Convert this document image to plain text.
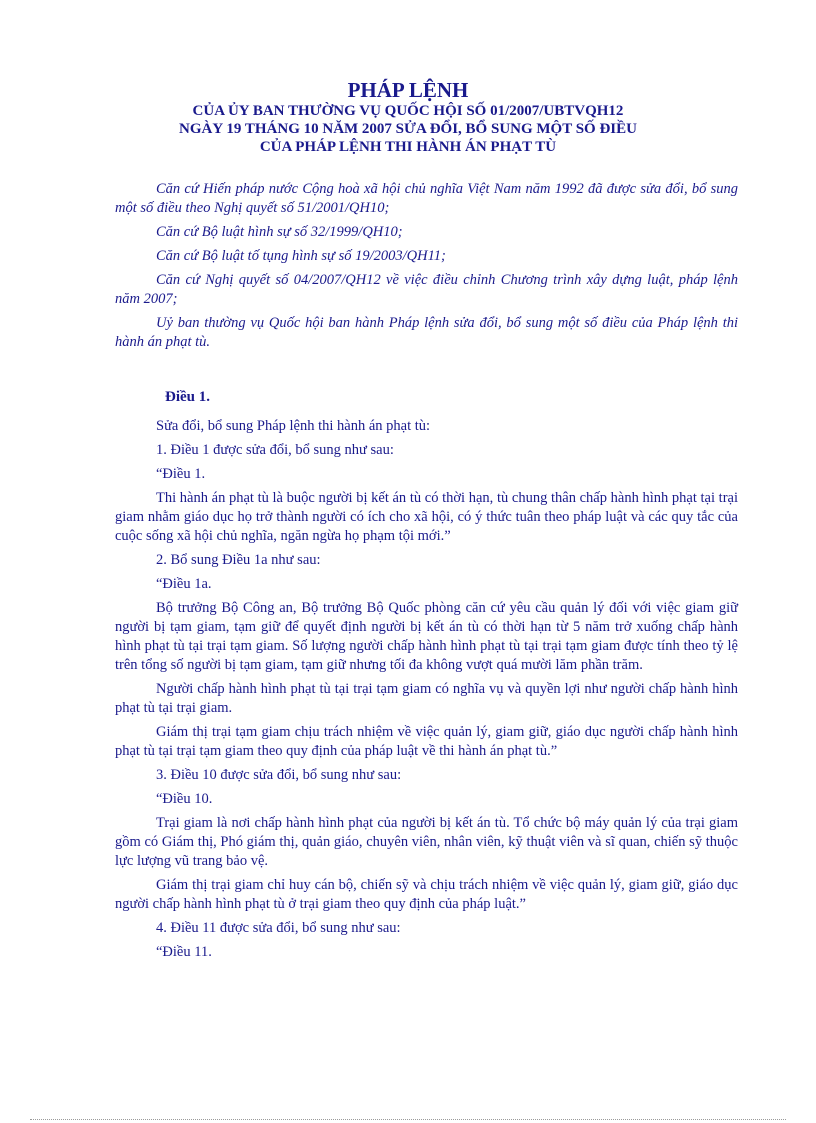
PHÁP LỆNH

CỦA ỦY BAN THƯỜNG VỤ QUỐC HỘI SỐ 01/2007/UBTVQH12

NGÀY 19 THÁNG 10 NĂM 2007 SỬA ĐỔI, BỔ SUNG MỘT SỐ ĐIỀU

CỦA PHÁP LỆNH THI HÀNH ÁN PHẠT TÙ

Căn cứ Hiến pháp nước Cộng hoà xã hội chủ nghĩa Việt Nam năm 1992 đã được sửa đổi, bổ sung một số điều theo Nghị quyết số 51/2001/QH10;

Căn cứ Bộ luật hình sự số 32/1999/QH10;

Căn cứ Bộ luật tố tụng hình sự số 19/2003/QH11;

Căn cứ Nghị quyết số 04/2007/QH12 về việc điều chỉnh Chương trình xây dựng luật, pháp lệnh năm 2007;

Uỷ ban thường vụ Quốc hội ban hành Pháp lệnh sửa đổi, bổ sung một số điều của Pháp lệnh thi hành án phạt tù.

Điều 1.

Sửa đổi, bổ sung Pháp lệnh thi hành án phạt tù:

1. Điều 1 được sửa đổi, bổ sung như sau:

“Điều 1.

Thi hành án phạt tù là buộc người bị kết án tù có thời hạn, tù chung thân chấp hành hình phạt tại trại giam nhằm giáo dục họ trở thành người có ích cho xã hội, có ý thức tuân theo pháp luật và các quy tắc của cuộc sống xã hội chủ nghĩa, ngăn ngừa họ phạm tội mới.”

2. Bổ sung Điều 1a như sau:

“Điều 1a.

Bộ trưởng Bộ Công an, Bộ trưởng Bộ Quốc phòng căn cứ yêu cầu quản lý đối với việc giam giữ người bị tạm giam, tạm giữ để quyết định người bị kết án tù có thời hạn từ 5 năm trở xuống chấp hành hình phạt tù tại trại tạm giam. Số lượng người chấp hành hình phạt tù tại trại tạm giam được tính theo tỷ lệ trên tổng số người bị tạm giam, tạm giữ nhưng tối đa không vượt quá mười lăm phần trăm.

Người chấp hành hình phạt tù tại trại tạm giam có nghĩa vụ và quyền lợi như người chấp hành hình phạt tù tại trại giam.

Giám thị trại tạm giam chịu trách nhiệm về việc quản lý, giam giữ, giáo dục người chấp hành hình phạt tù tại trại tạm giam theo quy định của pháp luật về thi hành án phạt tù.”

3. Điều 10 được sửa đổi, bổ sung như sau:

“Điều 10.

Trại giam là nơi chấp hành hình phạt của người bị kết án tù. Tổ chức bộ máy quản lý của trại giam gồm có Giám thị, Phó giám thị, quản giáo, chuyên viên, nhân viên, kỹ thuật viên và sĩ quan, chiến sỹ thuộc lực lượng vũ trang bảo vệ.

Giám thị trại giam chỉ huy cán bộ, chiến sỹ và chịu trách nhiệm về việc quản lý, giam giữ, giáo dục người chấp hành hình phạt tù ở trại giam theo quy định của pháp luật.”

4. Điều 11 được sửa đổi, bổ sung như sau:

“Điều 11.
